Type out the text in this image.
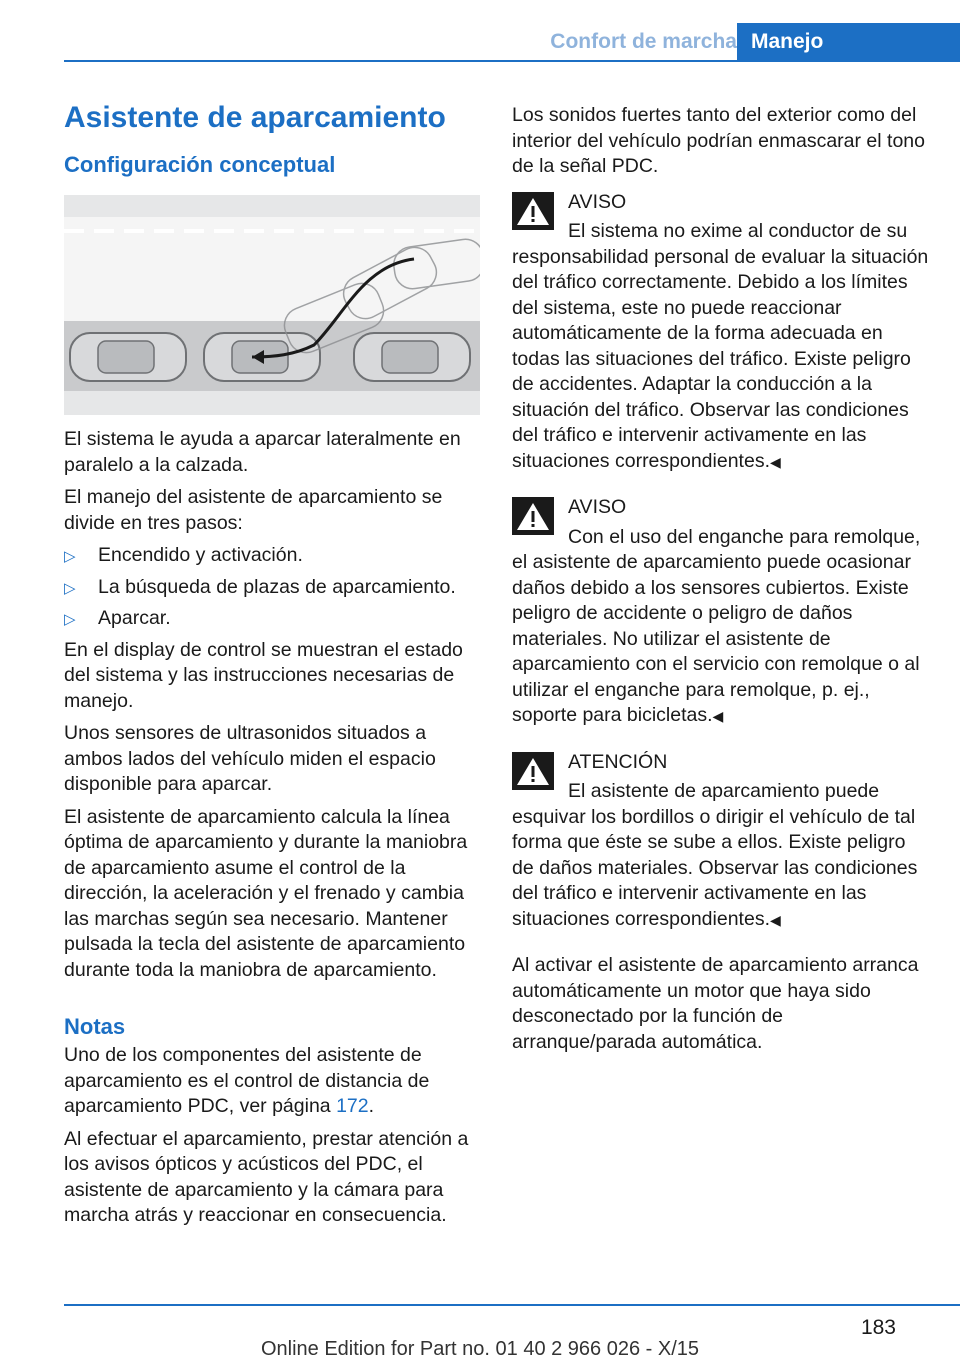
Confort de marcha Manejo
Asistente de aparcamiento
Configuración conceptual

El sistema le ayuda a aparcar lateralmente en paralelo a la calzada.

El manejo del asistente de aparcamiento se divide en tres pasos:

▷ Encendido y activación.
▷ La búsqueda de plazas de aparcamiento.
▷ Aparcar.

En el display de control se muestran el estado del sistema y las instrucciones necesarias de manejo.

Unos sensores de ultrasonidos situados a ambos lados del vehículo miden el espacio disponible para aparcar.

El asistente de aparcamiento calcula la línea óptima de aparcamiento y durante la maniobra de aparcamiento asume el control de la dirección, la aceleración y el frenado y cambia las marchas según sea necesario. Mantener pulsada la tecla del asistente de aparcamiento durante toda la maniobra de aparcamiento.

Notas

Uno de los componentes del asistente de aparcamiento es el control de distancia de aparcamiento PDC, ver página 172.

Al efectuar el aparcamiento, prestar atención a los avisos ópticos y acústicos del PDC, el asistente de aparcamiento y la cámara para marcha atrás y reaccionar en consecuencia.

Los sonidos fuertes tanto del exterior como del interior del vehículo podrían enmascarar el tono de la señal PDC.

AVISO
El sistema no exime al conductor de su responsabilidad personal de evaluar la situación del tráfico correctamente. Debido a los límites del sistema, este no puede reaccionar automáticamente de la forma adecuada en todas las situaciones del tráfico. Existe peligro de accidentes. Adaptar la conducción a la situación del tráfico. Observar las condiciones del tráfico e intervenir activamente en las situaciones correspondientes.◀
AVISO
Con el uso del enganche para remolque, el asistente de aparcamiento puede ocasionar daños debido a los sensores cubiertos. Existe peligro de accidente o peligro de daños materiales. No utilizar el asistente de aparcamiento con el servicio con remolque o al utilizar el enganche para remolque, p. ej., soporte para bicicletas.◀
ATENCIÓN
El asistente de aparcamiento puede esquivar los bordillos o dirigir el vehículo de tal forma que éste se sube a ellos. Existe peligro de daños materiales. Observar las condiciones del tráfico e intervenir activamente en las situaciones correspondientes.◀

Al activar el asistente de aparcamiento arranca automáticamente un motor que haya sido desconectado por la función de arranque/parada automática.

183
Online Edition for Part no. 01 40 2 966 026 - X/15
